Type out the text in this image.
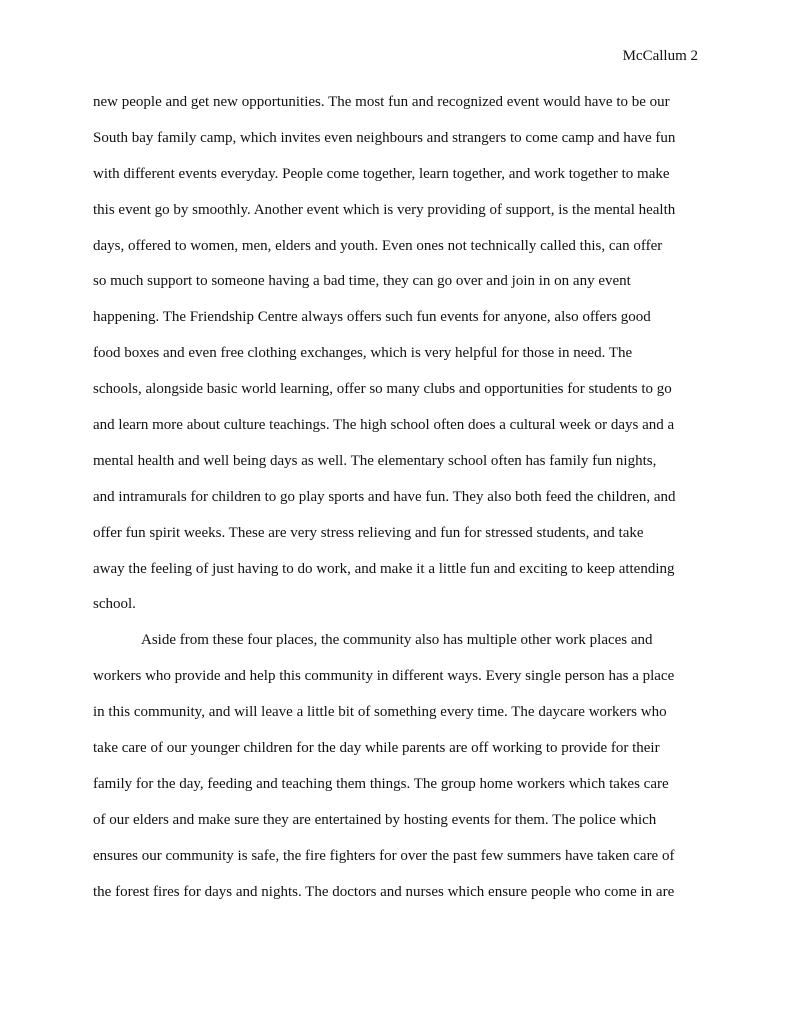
McCallum 2
new people and get new opportunities. The most fun and recognized event would have to be our
South bay family camp, which invites even neighbours and strangers to come camp and have fun
with different events everyday. People come together, learn together, and work together to make
this event go by smoothly. Another event which is very providing of support, is the mental health
days, offered to women, men, elders and youth. Even ones not technically called this, can offer
so much support to someone having a bad time, they can go over and join in on any event
happening. The Friendship Centre always offers such fun events for anyone, also offers good
food boxes and even free clothing exchanges, which is very helpful for those in need. The
schools, alongside basic world learning, offer so many clubs and opportunities for students to go
and learn more about culture teachings. The high school often does a cultural week or days and a
mental health and well being days as well. The elementary school often has family fun nights,
and intramurals for children to go play sports and have fun. They also both feed the children, and
offer fun spirit weeks. These are very stress relieving and fun for stressed students, and take
away the feeling of just having to do work, and make it a little fun and exciting to keep attending
school.
Aside from these four places, the community also has multiple other work places and
workers who provide and help this community in different ways. Every single person has a place
in this community, and will leave a little bit of something every time. The daycare workers who
take care of our younger children for the day while parents are off working to provide for their
family for the day, feeding and teaching them things. The group home workers which takes care
of our elders and make sure they are entertained by hosting events for them. The police which
ensures our community is safe, the fire fighters for over the past few summers have taken care of
the forest fires for days and nights. The doctors and nurses which ensure people who come in are
